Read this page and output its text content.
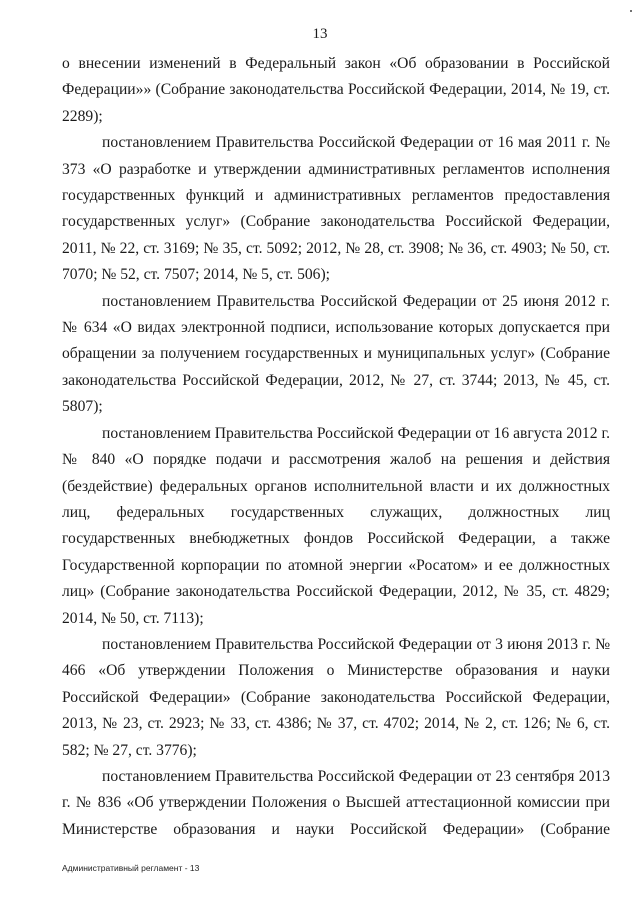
13

о внесении изменений в Федеральный закон «Об образовании в Российской Федерации»» (Собрание законодательства Российской Федерации, 2014, № 19, ст. 2289);

постановлением Правительства Российской Федерации от 16 мая 2011 г. № 373 «О разработке и утверждении административных регламентов исполнения государственных функций и административных регламентов предоставления государственных услуг» (Собрание законодательства Российской Федерации, 2011, № 22, ст. 3169; № 35, ст. 5092; 2012, № 28, ст. 3908; № 36, ст. 4903; № 50, ст. 7070; № 52, ст. 7507; 2014, № 5, ст. 506);

постановлением Правительства Российской Федерации от 25 июня 2012 г. № 634 «О видах электронной подписи, использование которых допускается при обращении за получением государственных и муниципальных услуг» (Собрание законодательства Российской Федерации, 2012, № 27, ст. 3744; 2013, № 45, ст. 5807);

постановлением Правительства Российской Федерации от 16 августа 2012 г. № 840 «О порядке подачи и рассмотрения жалоб на решения и действия (бездействие) федеральных органов исполнительной власти и их должностных лиц, федеральных государственных служащих, должностных лиц государственных внебюджетных фондов Российской Федерации, а также Государственной корпорации по атомной энергии «Росатом» и ее должностных лиц» (Собрание законодательства Российской Федерации, 2012, № 35, ст. 4829; 2014, № 50, ст. 7113);

постановлением Правительства Российской Федерации от 3 июня 2013 г. № 466 «Об утверждении Положения о Министерстве образования и науки Российской Федерации» (Собрание законодательства Российской Федерации, 2013, № 23, ст. 2923; № 33, ст. 4386; № 37, ст. 4702; 2014, № 2, ст. 126; № 6, ст. 582; № 27, ст. 3776);

постановлением Правительства Российской Федерации от 23 сентября 2013 г. № 836 «Об утверждении Положения о Высшей аттестационной комиссии при Министерстве образования и науки Российской Федерации» (Собрание

Административный регламент - 13
